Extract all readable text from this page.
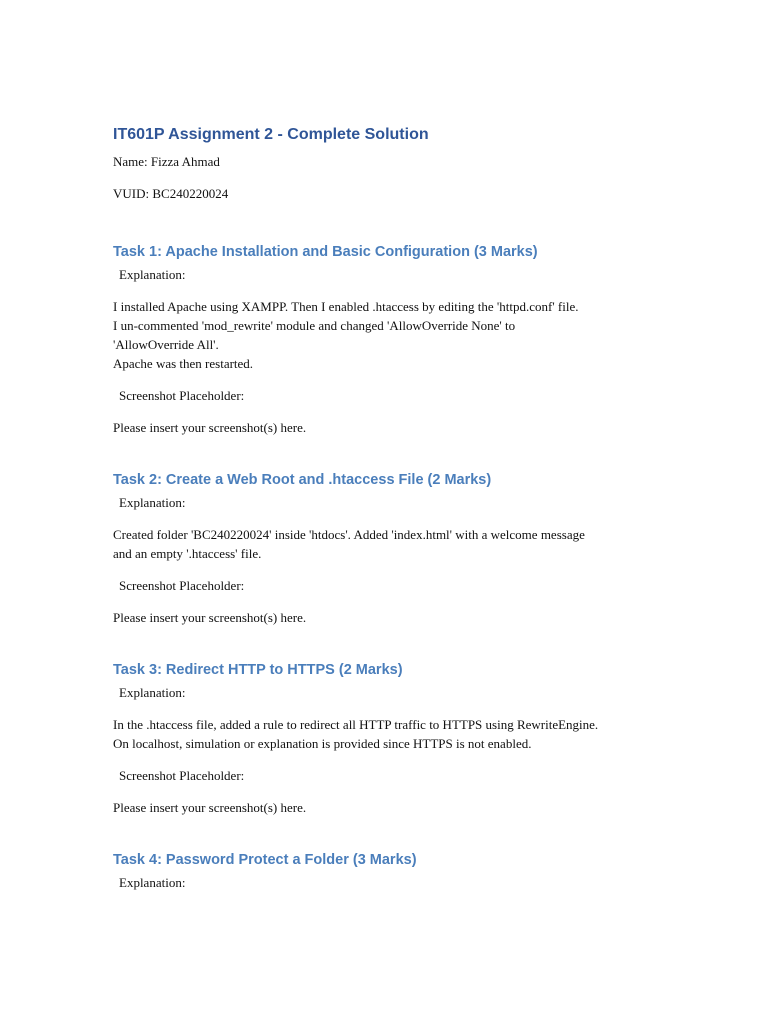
IT601P Assignment 2 - Complete Solution

Name: Fizza Ahmad

VUID: BC240220024

Task 1: Apache Installation and Basic Configuration (3 Marks)

Explanation:

I installed Apache using XAMPP. Then I enabled .htaccess by editing the 'httpd.conf' file.
I un-commented 'mod_rewrite' module and changed 'AllowOverride None' to
'AllowOverride All'.
Apache was then restarted.

Screenshot Placeholder:

Please insert your screenshot(s) here.

Task 2: Create a Web Root and .htaccess File (2 Marks)

Explanation:

Created folder 'BC240220024' inside 'htdocs'. Added 'index.html' with a welcome message
and an empty '.htaccess' file.

Screenshot Placeholder:

Please insert your screenshot(s) here.

Task 3: Redirect HTTP to HTTPS (2 Marks)

Explanation:

In the .htaccess file, added a rule to redirect all HTTP traffic to HTTPS using RewriteEngine.
On localhost, simulation or explanation is provided since HTTPS is not enabled.

Screenshot Placeholder:

Please insert your screenshot(s) here.

Task 4: Password Protect a Folder (3 Marks)

Explanation:
